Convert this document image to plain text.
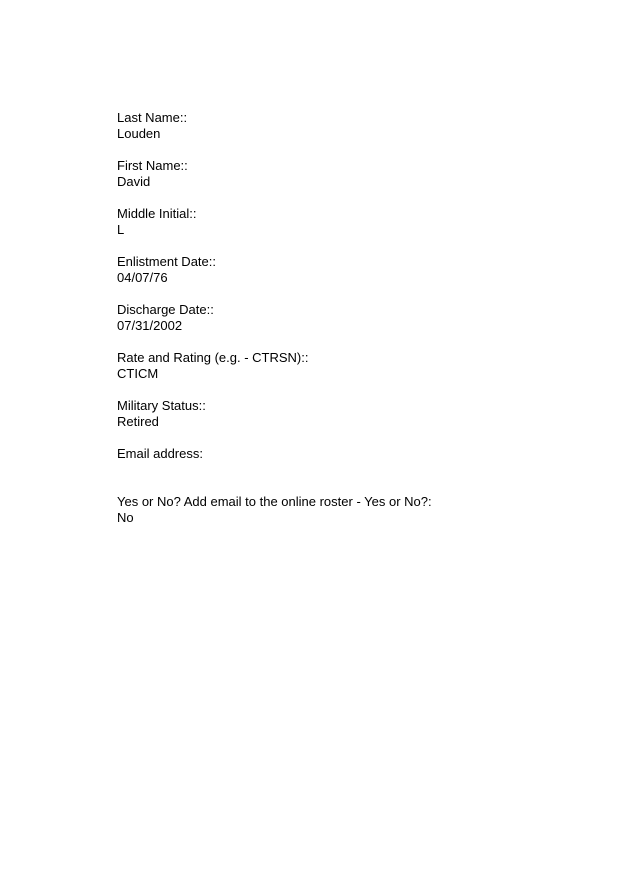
Last Name::
Louden
First Name::
David
Middle Initial::
L
Enlistment Date::
04/07/76
Discharge Date::
07/31/2002
Rate and Rating (e.g. - CTRSN)::
CTICM
Military Status::
Retired
Email address:
Yes or No? Add email to the online roster - Yes or No?:
No
